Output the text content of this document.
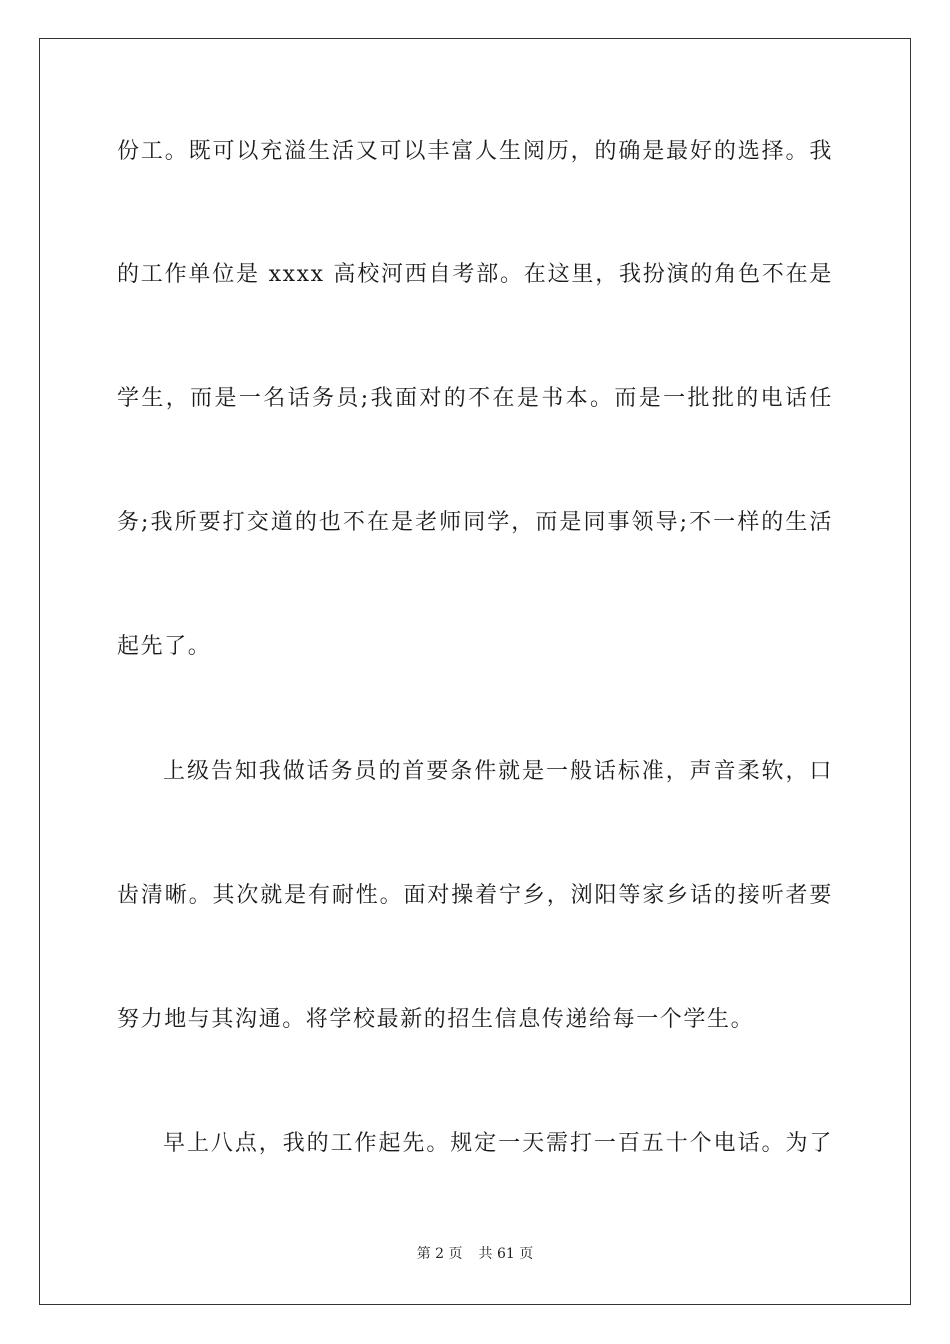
份工。既可以充溢生活又可以丰富人生阅历，的确是最好的选择。我
的工作单位是 xxxx 高校河西自考部。在这里，我扮演的角色不在是
学生，而是一名话务员;我面对的不在是书本。而是一批批的电话任
务;我所要打交道的也不在是老师同学，而是同事领导;不一样的生活
起先了。
上级告知我做话务员的首要条件就是一般话标准，声音柔软，口
齿清晰。其次就是有耐性。面对操着宁乡，浏阳等家乡话的接听者要
努力地与其沟通。将学校最新的招生信息传递给每一个学生。
早上八点，我的工作起先。规定一天需打一百五十个电话。为了
第 2 页 共 61 页
